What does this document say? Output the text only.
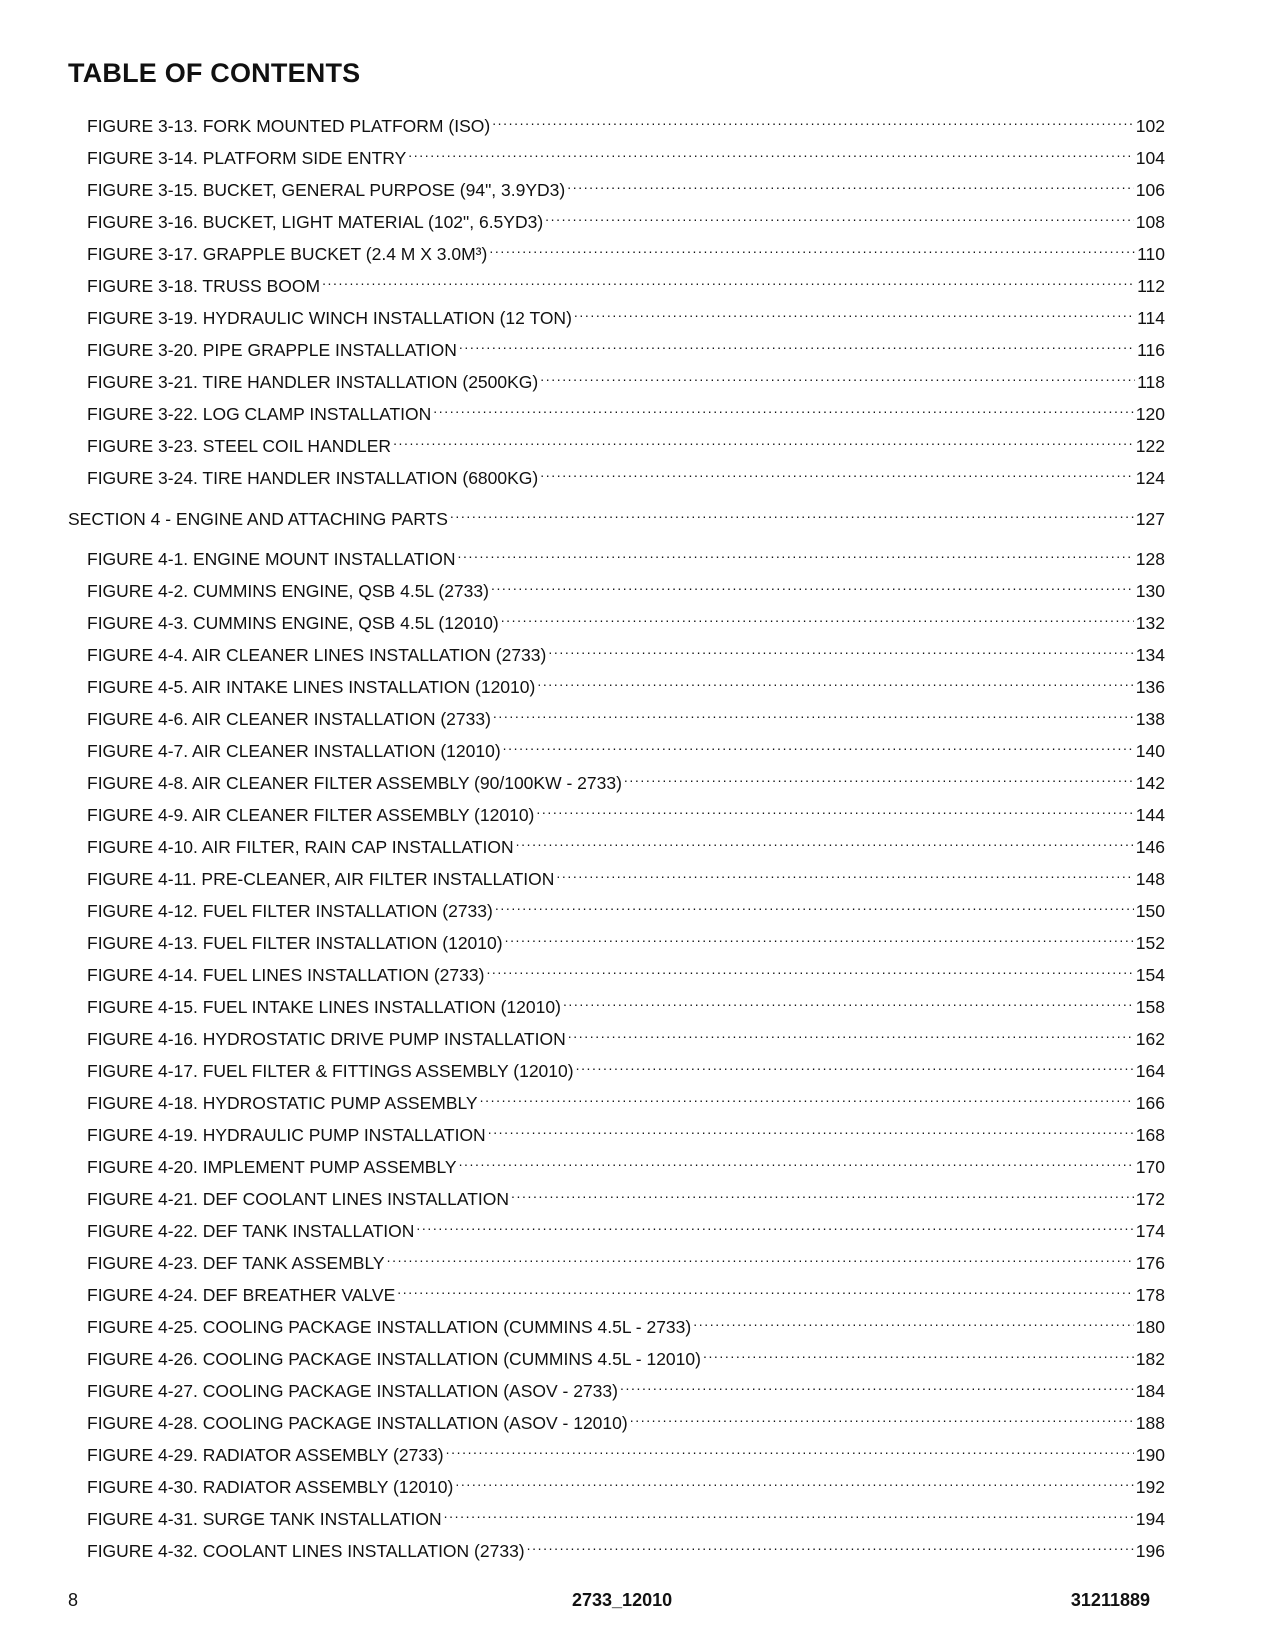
TABLE OF CONTENTS
FIGURE 3-13. FORK MOUNTED PLATFORM (ISO) .....	102
FIGURE 3-14. PLATFORM SIDE ENTRY .....	104
FIGURE 3-15. BUCKET, GENERAL PURPOSE (94", 3.9YD3) .....	106
FIGURE 3-16. BUCKET, LIGHT MATERIAL (102", 6.5YD3) .....	108
FIGURE 3-17. GRAPPLE BUCKET (2.4 M X 3.0M³) .....	110
FIGURE 3-18. TRUSS BOOM .....	112
FIGURE 3-19. HYDRAULIC WINCH INSTALLATION (12 TON) .....	114
FIGURE 3-20. PIPE GRAPPLE INSTALLATION .....	116
FIGURE 3-21. TIRE HANDLER INSTALLATION (2500KG) .....	118
FIGURE 3-22. LOG CLAMP INSTALLATION .....	120
FIGURE 3-23. STEEL COIL HANDLER .....	122
FIGURE 3-24. TIRE HANDLER INSTALLATION (6800KG) .....	124
SECTION 4 - ENGINE AND ATTACHING PARTS .....	127
FIGURE 4-1. ENGINE MOUNT INSTALLATION .....	128
FIGURE 4-2. CUMMINS ENGINE, QSB 4.5L (2733) .....	130
FIGURE 4-3. CUMMINS ENGINE, QSB 4.5L (12010) .....	132
FIGURE 4-4. AIR CLEANER LINES INSTALLATION (2733) .....	134
FIGURE 4-5. AIR INTAKE LINES INSTALLATION (12010) .....	136
FIGURE 4-6. AIR CLEANER INSTALLATION (2733) .....	138
FIGURE 4-7. AIR CLEANER INSTALLATION (12010) .....	140
FIGURE 4-8. AIR CLEANER FILTER ASSEMBLY (90/100KW - 2733) .....	142
FIGURE 4-9. AIR CLEANER FILTER ASSEMBLY (12010) .....	144
FIGURE 4-10. AIR FILTER, RAIN CAP INSTALLATION .....	146
FIGURE 4-11. PRE-CLEANER, AIR FILTER INSTALLATION .....	148
FIGURE 4-12. FUEL FILTER INSTALLATION (2733) .....	150
FIGURE 4-13. FUEL FILTER INSTALLATION (12010) .....	152
FIGURE 4-14. FUEL LINES INSTALLATION (2733) .....	154
FIGURE 4-15. FUEL INTAKE LINES INSTALLATION (12010) .....	158
FIGURE 4-16. HYDROSTATIC DRIVE PUMP INSTALLATION .....	162
FIGURE 4-17. FUEL FILTER & FITTINGS ASSEMBLY (12010) .....	164
FIGURE 4-18. HYDROSTATIC PUMP ASSEMBLY .....	166
FIGURE 4-19. HYDRAULIC PUMP INSTALLATION .....	168
FIGURE 4-20. IMPLEMENT PUMP ASSEMBLY .....	170
FIGURE 4-21. DEF COOLANT LINES INSTALLATION .....	172
FIGURE 4-22. DEF TANK INSTALLATION .....	174
FIGURE 4-23. DEF TANK ASSEMBLY .....	176
FIGURE 4-24. DEF BREATHER VALVE .....	178
FIGURE 4-25. COOLING PACKAGE INSTALLATION (CUMMINS 4.5L - 2733) .....	180
FIGURE 4-26. COOLING PACKAGE INSTALLATION (CUMMINS 4.5L - 12010) .....	182
FIGURE 4-27. COOLING PACKAGE INSTALLATION (ASOV - 2733) .....	184
FIGURE 4-28. COOLING PACKAGE INSTALLATION (ASOV - 12010) .....	188
FIGURE 4-29. RADIATOR ASSEMBLY (2733) .....	190
FIGURE 4-30. RADIATOR ASSEMBLY (12010) .....	192
FIGURE 4-31. SURGE TANK INSTALLATION .....	194
FIGURE 4-32. COOLANT LINES INSTALLATION (2733) .....	196
8	2733_12010	31211889
